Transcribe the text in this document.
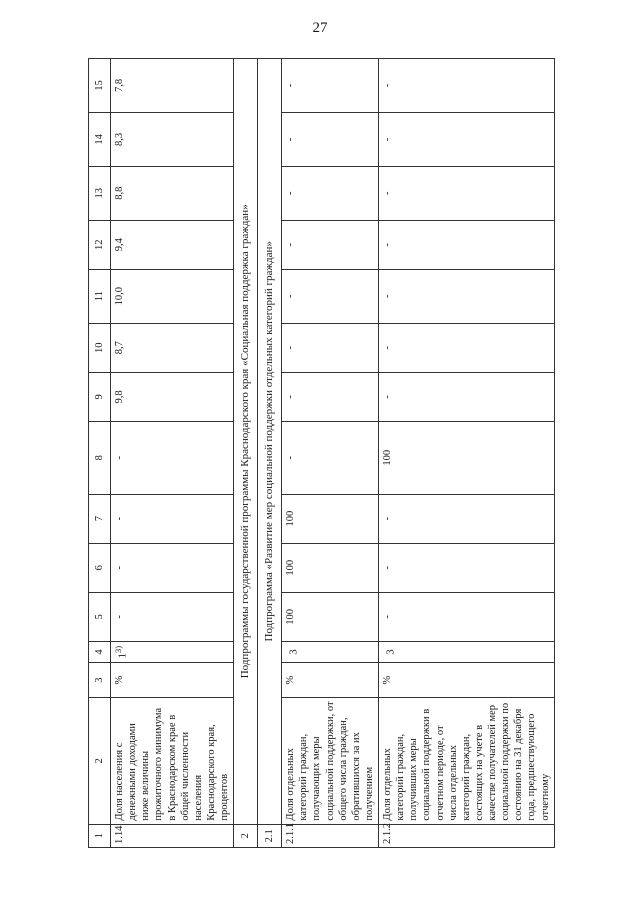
27
1	2	3	4	5	6	7	8	9	10	11	12	13	14	15
1.14	Доля населения с денежными доходами ниже величины прожиточного минимума в Краснодарском крае в общей численности населения Краснодарского края, процентов	%	1$^{3)}$	-	-	-	-	9,8	8,7	10,0	9,4	8,8	8,3	7,8
2	Подпрограммы государственной программы Краснодарского края «Социальная поддержка граждан»													
2.1	Подпрограмма «Развитие мер социальной поддержки отдельных категорий граждан»													
2.1.1	Доля отдельных категорий граждан, получающих меры социальной поддержки, от общего числа граждан, обратившихся за их получением	%	3	100	100	100	-	-	-	-	-	-	-	-
2.1.2	Доля отдельных категорий граждан, получивших меры социальной поддержки в отчетном периоде, от числа отдельных категорий граждан, состоящих на учете в качестве получателей мер социальной поддержки по состоянию на 31 декабря года, предшествующего отчетному	%	3	-	-	-	100	-	-	-	-	-	-	-
